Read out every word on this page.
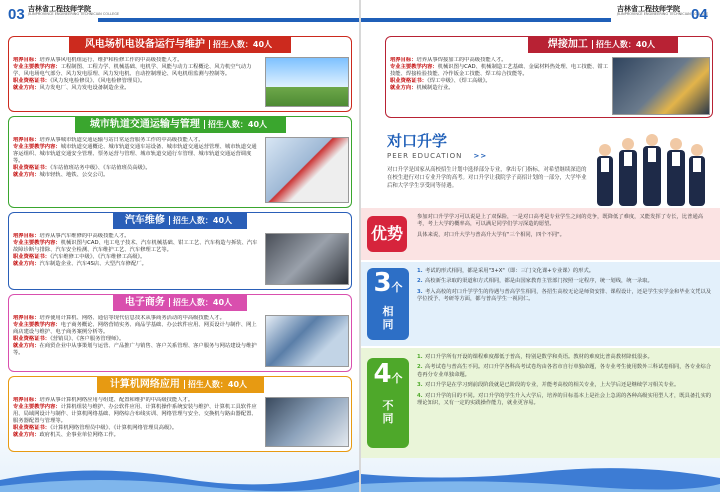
03 吉林省工程技师学院
JILINPROVINCE ENGINEERING TECHNICIAN COLLEGE
风电场机电设备运行与维护 招生人数：40人

培养目标：培养从事风电机组运行、维护和检修工作的中高级技能人才。

专业主要教学内容：工程制图、工程力学、机械基础、电机学、风能与动力工程概论、风力机空气动力学、风电场电气部分、风力发电原理、风力发电机、自动控制理论、风电机组监测与控制等。

职业资格证书：《风力发电检修员》、《风电检修管理员》。

就业方向：风力发电厂、风力发电设备制造企业。

城市轨道交通运输与管理 招生人数：40人

培养目标：培养从事城市轨道交通运输与站日常运营服务工作的中高级技能人才。

专业主要教学内容：城市轨道交通概论、城市轨道交通车站设备、城市轨道交通运营管理、城市轨道交通客运组织、城市轨道交通安全管理、票务运营与管理、城市轨道交通行车管理、城市轨道交通运营调度等。

职业资格证书：《车站值班站务中级》、《车站值班员高级》。

就业方向：城市轻轨、地铁、公交公司。

汽车维修 招生人数：40人

培养目标：培养从事汽车维修的中高级技能人才。

专业主要教学内容：机械识图与CAD、电工电子技术、汽车机械基础、钳工工艺、汽车构造与拆装、汽车故障诊断与排除、汽车安全检测、汽车维护工艺、汽车修理工艺等。

职业资格证书：《汽车维修工中级》、《汽车维修工高级》。

就业方向：汽车制造企业、汽车4S店、大型汽车修配厂。

电子商务 招生人数：40人

培养目标：培养使用计算机、网络、通信等现代信息技术从事商务活动的中高级技能人才。

专业主要教学内容：电子商务概论、网络营销实务、商品学基础、办公软件应用、网页设计与制作、网上商店建设与维护、电子商务案例分析等。

职业资格证书：《营销员》、《客户服务管理师》。

就业方向：在商贸企业中从事策划与运营、产品推广与销售、客户关系管理、客户服务与网站建设与维护等。

计算机网络应用 招生人数：40人

培养目标：培养从事计算机网络应用与组建、配置和维护的中高级技能人才。

专业主要教学内容：计算机组装与维护、办公软件应用、计算机操作系统安装与维护、计算机工具软件应用、局域网设计与制作、计算机网络基础、网络综合布线实训、网络管理与安全、交换机与路由器配置、服务器配置与管理等。

职业资格证书：《计算机网络管理员中级》、《计算机网络管理员高级》。

就业方向：政府机关、企事业单位网络工作。

吉林省工程技师学院
JILINPROVINCE ENGINEERING TECHNICIAN COLLEGE
04
焊接加工 招生人数：40人

培养目标：培养从事焊接加工的中高级技能人才。

专业主要教学内容：机械识图与CAD、机械制造工艺基础、金属材料热处理、电工技能、钳工技能、焊接检验技能、冷作钣金工技能、焊工综合技能等。

职业资格证书：《焊工中级》、《焊工高级》。

就业方向：机械制造行业。

对口升学
PEER EDUCATION >>
对口升学是国家从高校招生计划中选择部分专业，拿出专门指标，对希望继续深造的在校生进行对口专业升学的高考。对口升学让我院学子高招计划的一部分，大学毕业后和大学学生享受同等待遇。
优势

参加对口升学学习可以说是上了双保险，一是对口高考是专业学生之间的竞争，既降低了难度，又能发挥了专长，比普通高考，考上大学的概率高，可以满足同学们学习深造的愿望。

具体来说，对口升大学与普高升大学有"三个相同，四个不同"。

3个
相同

1. 考试的形式相同，都是采用"3+X"（即：三门文化课+专业课）的形式。

2. 高校新生录取的渠道和方式相同，都是由国家教育主管部门按照一定程序，统一划线，统一录取。

3. 考入高校的对口升学学生的待遇与普高学生相同，各招生高校无论是师资安排、课程设计，还是学生实学金和毕业文凭以及学位授予、考研等方面，都与普高学生一视同仁。

4个
不同

1. 对口升学所有开设的课程难度都低于普高，特别是数学和英语。教材的难度比普高教材降低很多。

2. 高考试卷与普高生不同。对口升学各科高考试卷均由各省市自行单独命题，各专业考生使用数外三科试卷相同，各专业综合卷再分专业单独命题。

3. 对口升学是在学习到前段阶段就是已阶段的专业，并能考高校的相关专业，上大学后还是继续学习相关专业。

4. 对口升学的目的不同。对口升学的学生升入大学后，培养的目标基本上是社会上急需的各种高级实用型人才，既具备扎实的理论知识，又有一定的实践操作能力，就业更容易。
